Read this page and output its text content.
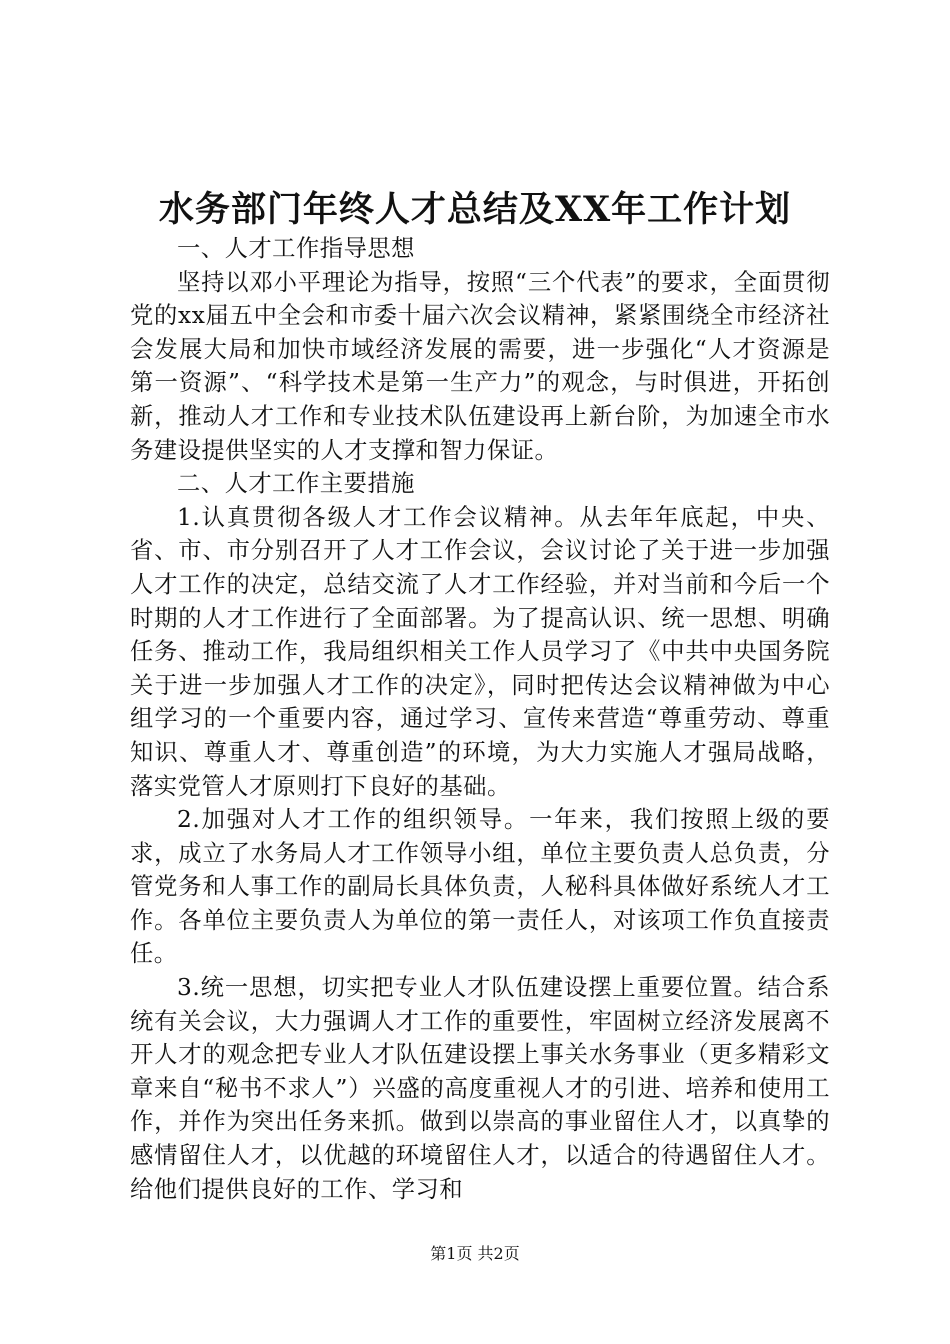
水务部门年终人才总结及XX年工作计划

一、人才工作指导思想

坚持以邓小平理论为指导，按照“三个代表”的要求，全面贯彻党的xx届五中全会和市委十届六次会议精神，紧紧围绕全市经济社会发展大局和加快市域经济发展的需要，进一步强化“人才资源是第一资源”、“科学技术是第一生产力”的观念，与时俱进，开拓创新，推动人才工作和专业技术队伍建设再上新台阶，为加速全市水务建设提供坚实的人才支撑和智力保证。

二、人才工作主要措施

1.认真贯彻各级人才工作会议精神。从去年年底起，中央、省、市、市分别召开了人才工作会议，会议讨论了关于进一步加强人才工作的决定，总结交流了人才工作经验，并对当前和今后一个时期的人才工作进行了全面部署。为了提高认识、统一思想、明确任务、推动工作，我局组织相关工作人员学习了《中共中央国务院关于进一步加强人才工作的决定》，同时把传达会议精神做为中心组学习的一个重要内容，通过学习、宣传来营造“尊重劳动、尊重知识、尊重人才、尊重创造”的环境，为大力实施人才强局战略，落实党管人才原则打下良好的基础。

2.加强对人才工作的组织领导。一年来，我们按照上级的要求，成立了水务局人才工作领导小组，单位主要负责人总负责，分管党务和人事工作的副局长具体负责，人秘科具体做好系统人才工作。各单位主要负责人为单位的第一责任人，对该项工作负直接责任。

3.统一思想，切实把专业人才队伍建设摆上重要位置。结合系统有关会议，大力强调人才工作的重要性，牢固树立经济发展离不开人才的观念把专业人才队伍建设摆上事关水务事业（更多精彩文章来自“秘书不求人”）兴盛的高度重视人才的引进、培养和使用工作，并作为突出任务来抓。做到以崇高的事业留住人才，以真挚的感情留住人才，以优越的环境留住人才，以适合的待遇留住人才。给他们提供良好的工作、学习和

第1页 共2页
